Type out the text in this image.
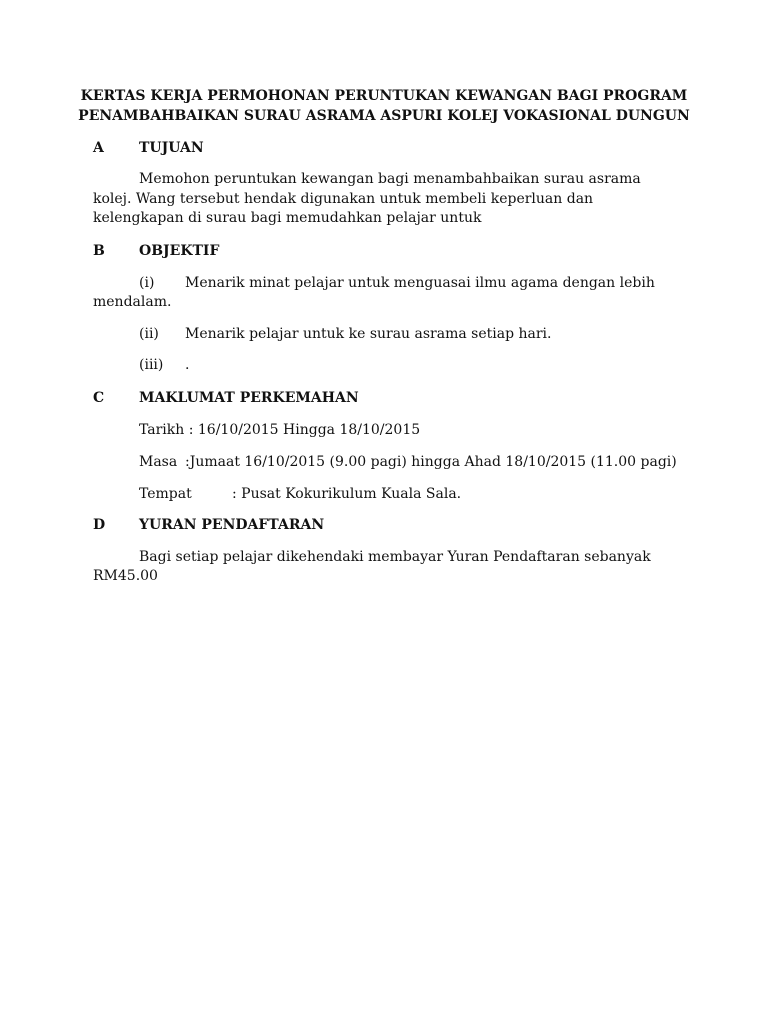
KERTAS KERJA PERMOHONAN PERUNTUKAN KEWANGAN BAGI PROGRAM
PENAMBAHBAIKAN SURAU ASRAMA ASPURI KOLEJ VOKASIONAL DUNGUN
A	TUJUAN
Memohon peruntukan kewangan bagi menambahbaikan surau asrama kolej. Wang tersebut hendak digunakan untuk membeli keperluan dan kelengkapan di surau bagi memudahkan pelajar untuk
B OBJEKTIF
(i) Menarik minat pelajar untuk menguasai ilmu agama dengan lebih
mendalam.
(ii) Menarik pelajar untuk ke surau asrama setiap hari.
(iii) .
C MAKLUMAT PERKEMAHAN
Tarikh : 16/10/2015 Hingga 18/10/2015
Masa :Jumaat 16/10/2015 (9.00 pagi) hingga Ahad 18/10/2015 (11.00 pagi)
Tempat	: Pusat Kokurikulum Kuala Sala.
D YURAN PENDAFTARAN
Bagi setiap pelajar dikehendaki membayar Yuran Pendaftaran sebanyak
RM45.00
